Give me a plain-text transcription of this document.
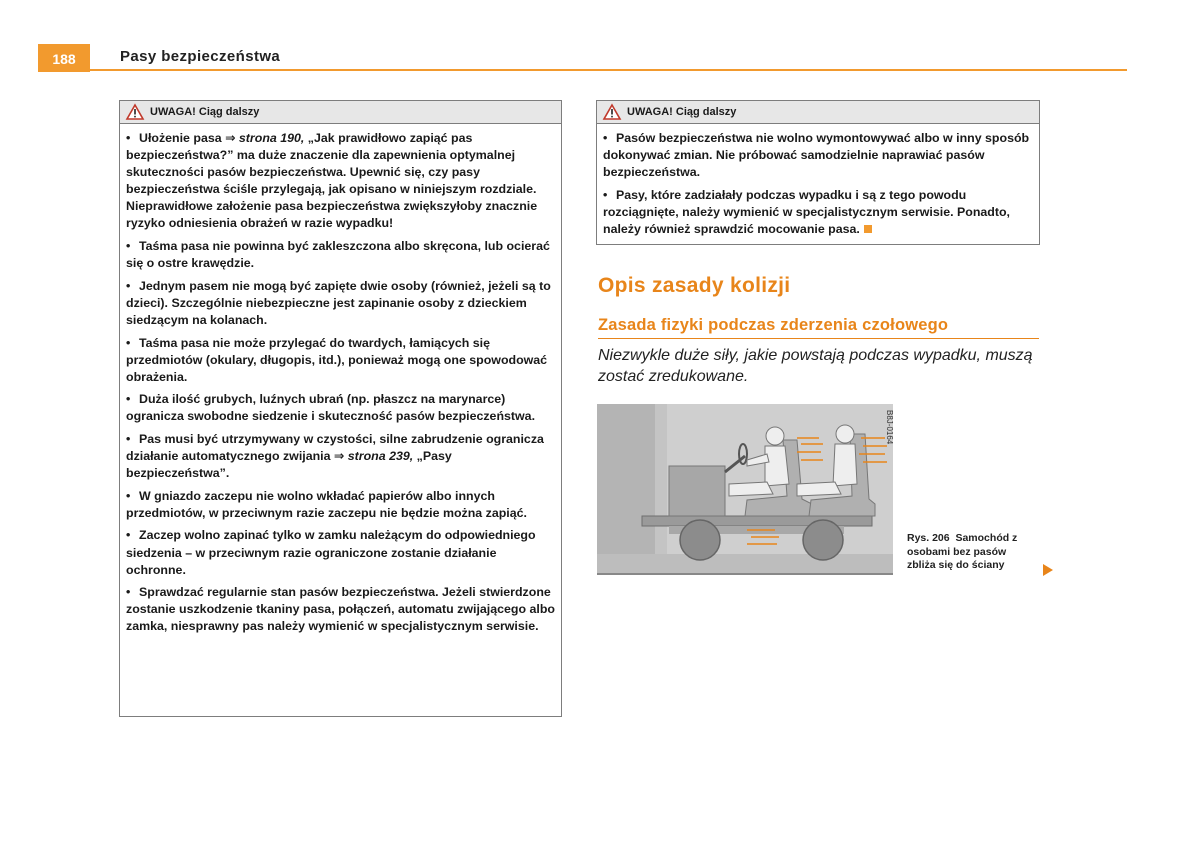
188	Pasy bezpieczeństwa
UWAGA! Ciąg dalszy

• Ułożenie pasa ⇒ strona 190, „Jak prawidłowo zapiąć pas bezpieczeństwa?” ma duże znaczenie dla zapewnienia optymalnej skuteczności pasów bezpieczeństwa. Upewnić się, czy pasy bezpieczeństwa ściśle przylegają, jak opisano w niniejszym rozdziale. Nieprawidłowe założenie pasa bezpieczeństwa zwiększyłoby znacznie ryzyko odniesienia obrażeń w razie wypadku!

• Taśma pasa nie powinna być zakleszczona albo skręcona, lub ocierać się o ostre krawędzie.

• Jednym pasem nie mogą być zapięte dwie osoby (również, jeżeli są to dzieci). Szczególnie niebezpieczne jest zapinanie osoby z dzieckiem siedzącym na kolanach.

• Taśma pasa nie może przylegać do twardych, łamiących się przedmiotów (okulary, długopis, itd.), ponieważ mogą one spowodować obrażenia.

• Duża ilość grubych, luźnych ubrań (np. płaszcz na marynarce) ogranicza swobodne siedzenie i skuteczność pasów bezpieczeństwa.

• Pas musi być utrzymywany w czystości, silne zabrudzenie ogranicza działanie automatycznego zwijania ⇒ strona 239, „Pasy bezpieczeństwa”.

• W gniazdo zaczepu nie wolno wkładać papierów albo innych przedmiotów, w przeciwnym razie zaczepu nie będzie można zapiąć.

• Zaczep wolno zapinać tylko w zamku należącym do odpowiedniego siedzenia – w przeciwnym razie ograniczone zostanie działanie ochronne.

• Sprawdzać regularnie stan pasów bezpieczeństwa. Jeżeli stwierdzone zostanie uszkodzenie tkaniny pasa, połączeń, automatu zwijającego albo zamka, niesprawny pas należy wymienić w specjalistycznym serwisie.

UWAGA! Ciąg dalszy

• Pasów bezpieczeństwa nie wolno wymontowywać albo w inny sposób dokonywać zmian. Nie próbować samodzielnie naprawiać pasów bezpieczeństwa.

• Pasy, które zadziałały podczas wypadku i są z tego powodu rozciągnięte, należy wymienić w specjalistycznym serwisie. Ponadto, należy również sprawdzić mocowanie pasa.

Opis zasady kolizji
Zasada fizyki podczas zderzenia czołowego
Niezwykle duże siły, jakie powstają podczas wypadku, muszą zostać zredukowane.
B8J-0164
Rys. 206 Samochód z osobami bez pasów zbliża się do ściany
